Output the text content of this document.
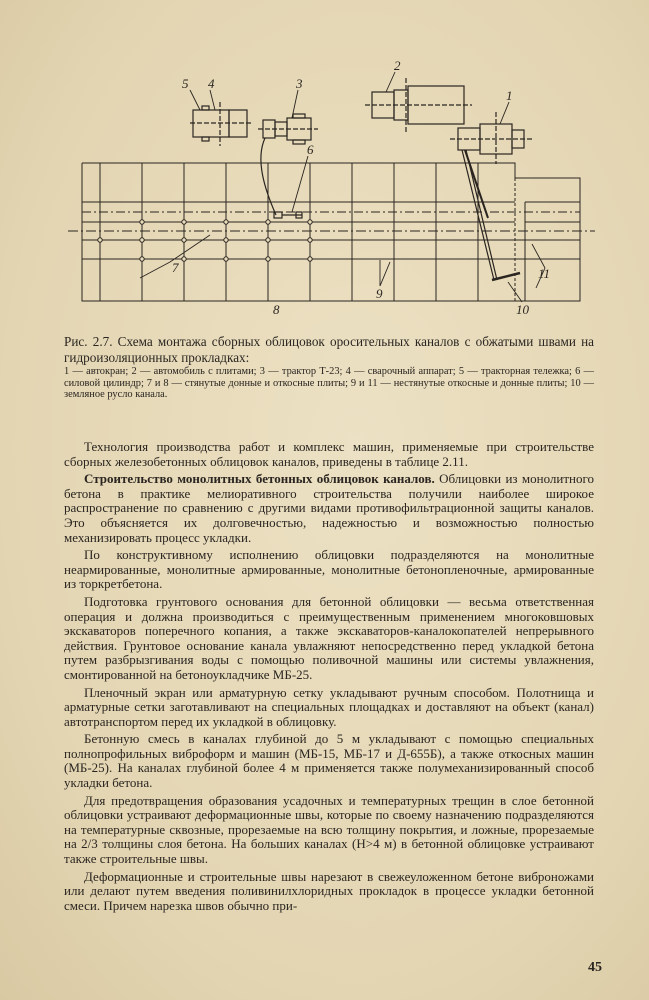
5 4	3
2
1
6
7
8
9
10
11
Рис. 2.7. Схема монтажа сборных облицовок оросительных каналов с обжатыми швами на гидроизоляционных прокладках:
1 — автокран; 2 — автомобиль с плитами; 3 — трактор Т-23; 4 — сварочный аппарат; 5 — тракторная тележка; 6 — силовой цилиндр; 7 и 8 — стянутые донные и откосные плиты; 9 и 11 — нестянутые откосные и донные плиты; 10 — земляное русло канала.

Технология производства работ и комплекс машин, применяемые при строительстве сборных железобетонных облицовок каналов, приведены в таблице 2.11.

Строительство монолитных бетонных облицовок каналов. Облицовки из монолитного бетона в практике мелиоративного строительства получили наиболее широкое распространение по сравнению с другими видами противофильтрационной защиты каналов. Это объясняется их долговечностью, надежностью и возможностью полностью механизировать процесс укладки.

По конструктивному исполнению облицовки подразделяются на монолитные неармированные, монолитные армированные, монолитные бетонопленочные, армированные из торкретбетона.

Подготовка грунтового основания для бетонной облицовки — весьма ответственная операция и должна производиться с преимущественным применением многоковшовых экскаваторов поперечного копания, а также экскаваторов-каналокопателей непрерывного действия. Грунтовое основание канала увлажняют непосредственно перед укладкой бетона путем разбрызгивания воды с помощью поливочной машины или системы увлажнения, смонтированной на бетоноукладчике МБ-25.

Пленочный экран или арматурную сетку укладывают ручным способом. Полотнища и арматурные сетки заготавливают на специальных площадках и доставляют на объект (канал) автотранспортом перед их укладкой в облицовку.

Бетонную смесь в каналах глубиной до 5 м укладывают с помощью специальных полнопрофильных виброформ и машин (МБ-15, МБ-17 и Д-655Б), а также откосных машин (МБ-25). На каналах глубиной более 4 м применяется также полумеханизированный способ укладки бетона.

Для предотвращения образования усадочных и температурных трещин в слое бетонной облицовки устраивают деформационные швы, которые по своему назначению подразделяются на температурные сквозные, прорезаемые на всю толщину покрытия, и ложные, прорезаемые на 2/3 толщины слоя бетона. На больших каналах (H>4 м) в бетонной облицовке устраивают также строительные швы.

Деформационные и строительные швы нарезают в свежеуложенном бетоне виброножами или делают путем введения поливинилхлоридных прокладок в процессе укладки бетонной смеси. Причем нарезка швов обычно при-

45
